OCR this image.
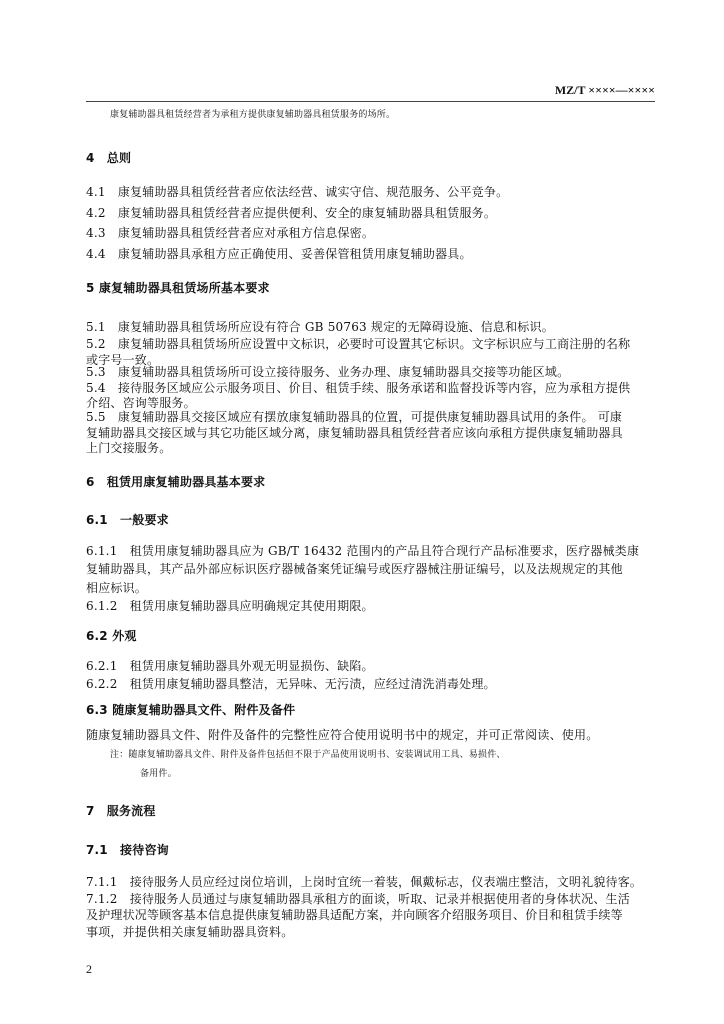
MZ/T ××××—××××
康复辅助器具租赁经营者为承租方提供康复辅助器具租赁服务的场所。
4　总则
4.1　康复辅助器具租赁经营者应依法经营、诚实守信、规范服务、公平竞争。
4.2　康复辅助器具租赁经营者应提供便利、安全的康复辅助器具租赁服务。
4.3　康复辅助器具租赁经营者应对承租方信息保密。
4.4　康复辅助器具承租方应正确使用、妥善保管租赁用康复辅助器具。
5 康复辅助器具租赁场所基本要求
5.1　康复辅助器具租赁场所应设有符合 GB 50763 规定的无障碍设施、信息和标识。
5.2　康复辅助器具租赁场所应设置中文标识，必要时可设置其它标识。文字标识应与工商注册的名称
或字号一致。
5.3　康复辅助器具租赁场所可设立接待服务、业务办理、康复辅助器具交接等功能区域。
5.4　接待服务区域应公示服务项目、价目、租赁手续、服务承诺和监督投诉等内容，应为承租方提供
介绍、咨询等服务。
5.5　康复辅助器具交接区域应有摆放康复辅助器具的位置，可提供康复辅助器具试用的条件。 可康
复辅助器具交接区域与其它功能区域分离，康复辅助器具租赁经营者应该向承租方提供康复辅助器具
上门交接服务。
6　租赁用康复辅助器具基本要求
6.1　一般要求
6.1.1　租赁用康复辅助器具应为 GB/T 16432 范围内的产品且符合现行产品标准要求，医疗器械类康
复辅助器具，其产品外部应标识医疗器械备案凭证编号或医疗器械注册证编号，以及法规规定的其他
相应标识。
6.1.2　租赁用康复辅助器具应明确规定其使用期限。
6.2 外观
6.2.1　租赁用康复辅助器具外观无明显损伤、缺陷。
6.2.2　租赁用康复辅助器具整洁，无异味、无污渍，应经过清洗消毒处理。
6.3 随康复辅助器具文件、附件及备件
随康复辅助器具文件、附件及备件的完整性应符合使用说明书中的规定，并可正常阅读、使用。
注：随康复辅助器具文件、附件及备件包括但不限于产品使用说明书、安装调试用工具、易损件、
备用件。
7　服务流程
7.1　接待咨询
7.1.1　接待服务人员应经过岗位培训，上岗时宜统一着装，佩戴标志，仪表端庄整洁，文明礼貌待客。
7.1.2　接待服务人员通过与康复辅助器具承租方的面谈，听取、记录并根据使用者的身体状况、生活
及护理状况等顾客基本信息提供康复辅助器具适配方案，并向顾客介绍服务项目、价目和租赁手续等
事项，并提供相关康复辅助器具资料。
2
